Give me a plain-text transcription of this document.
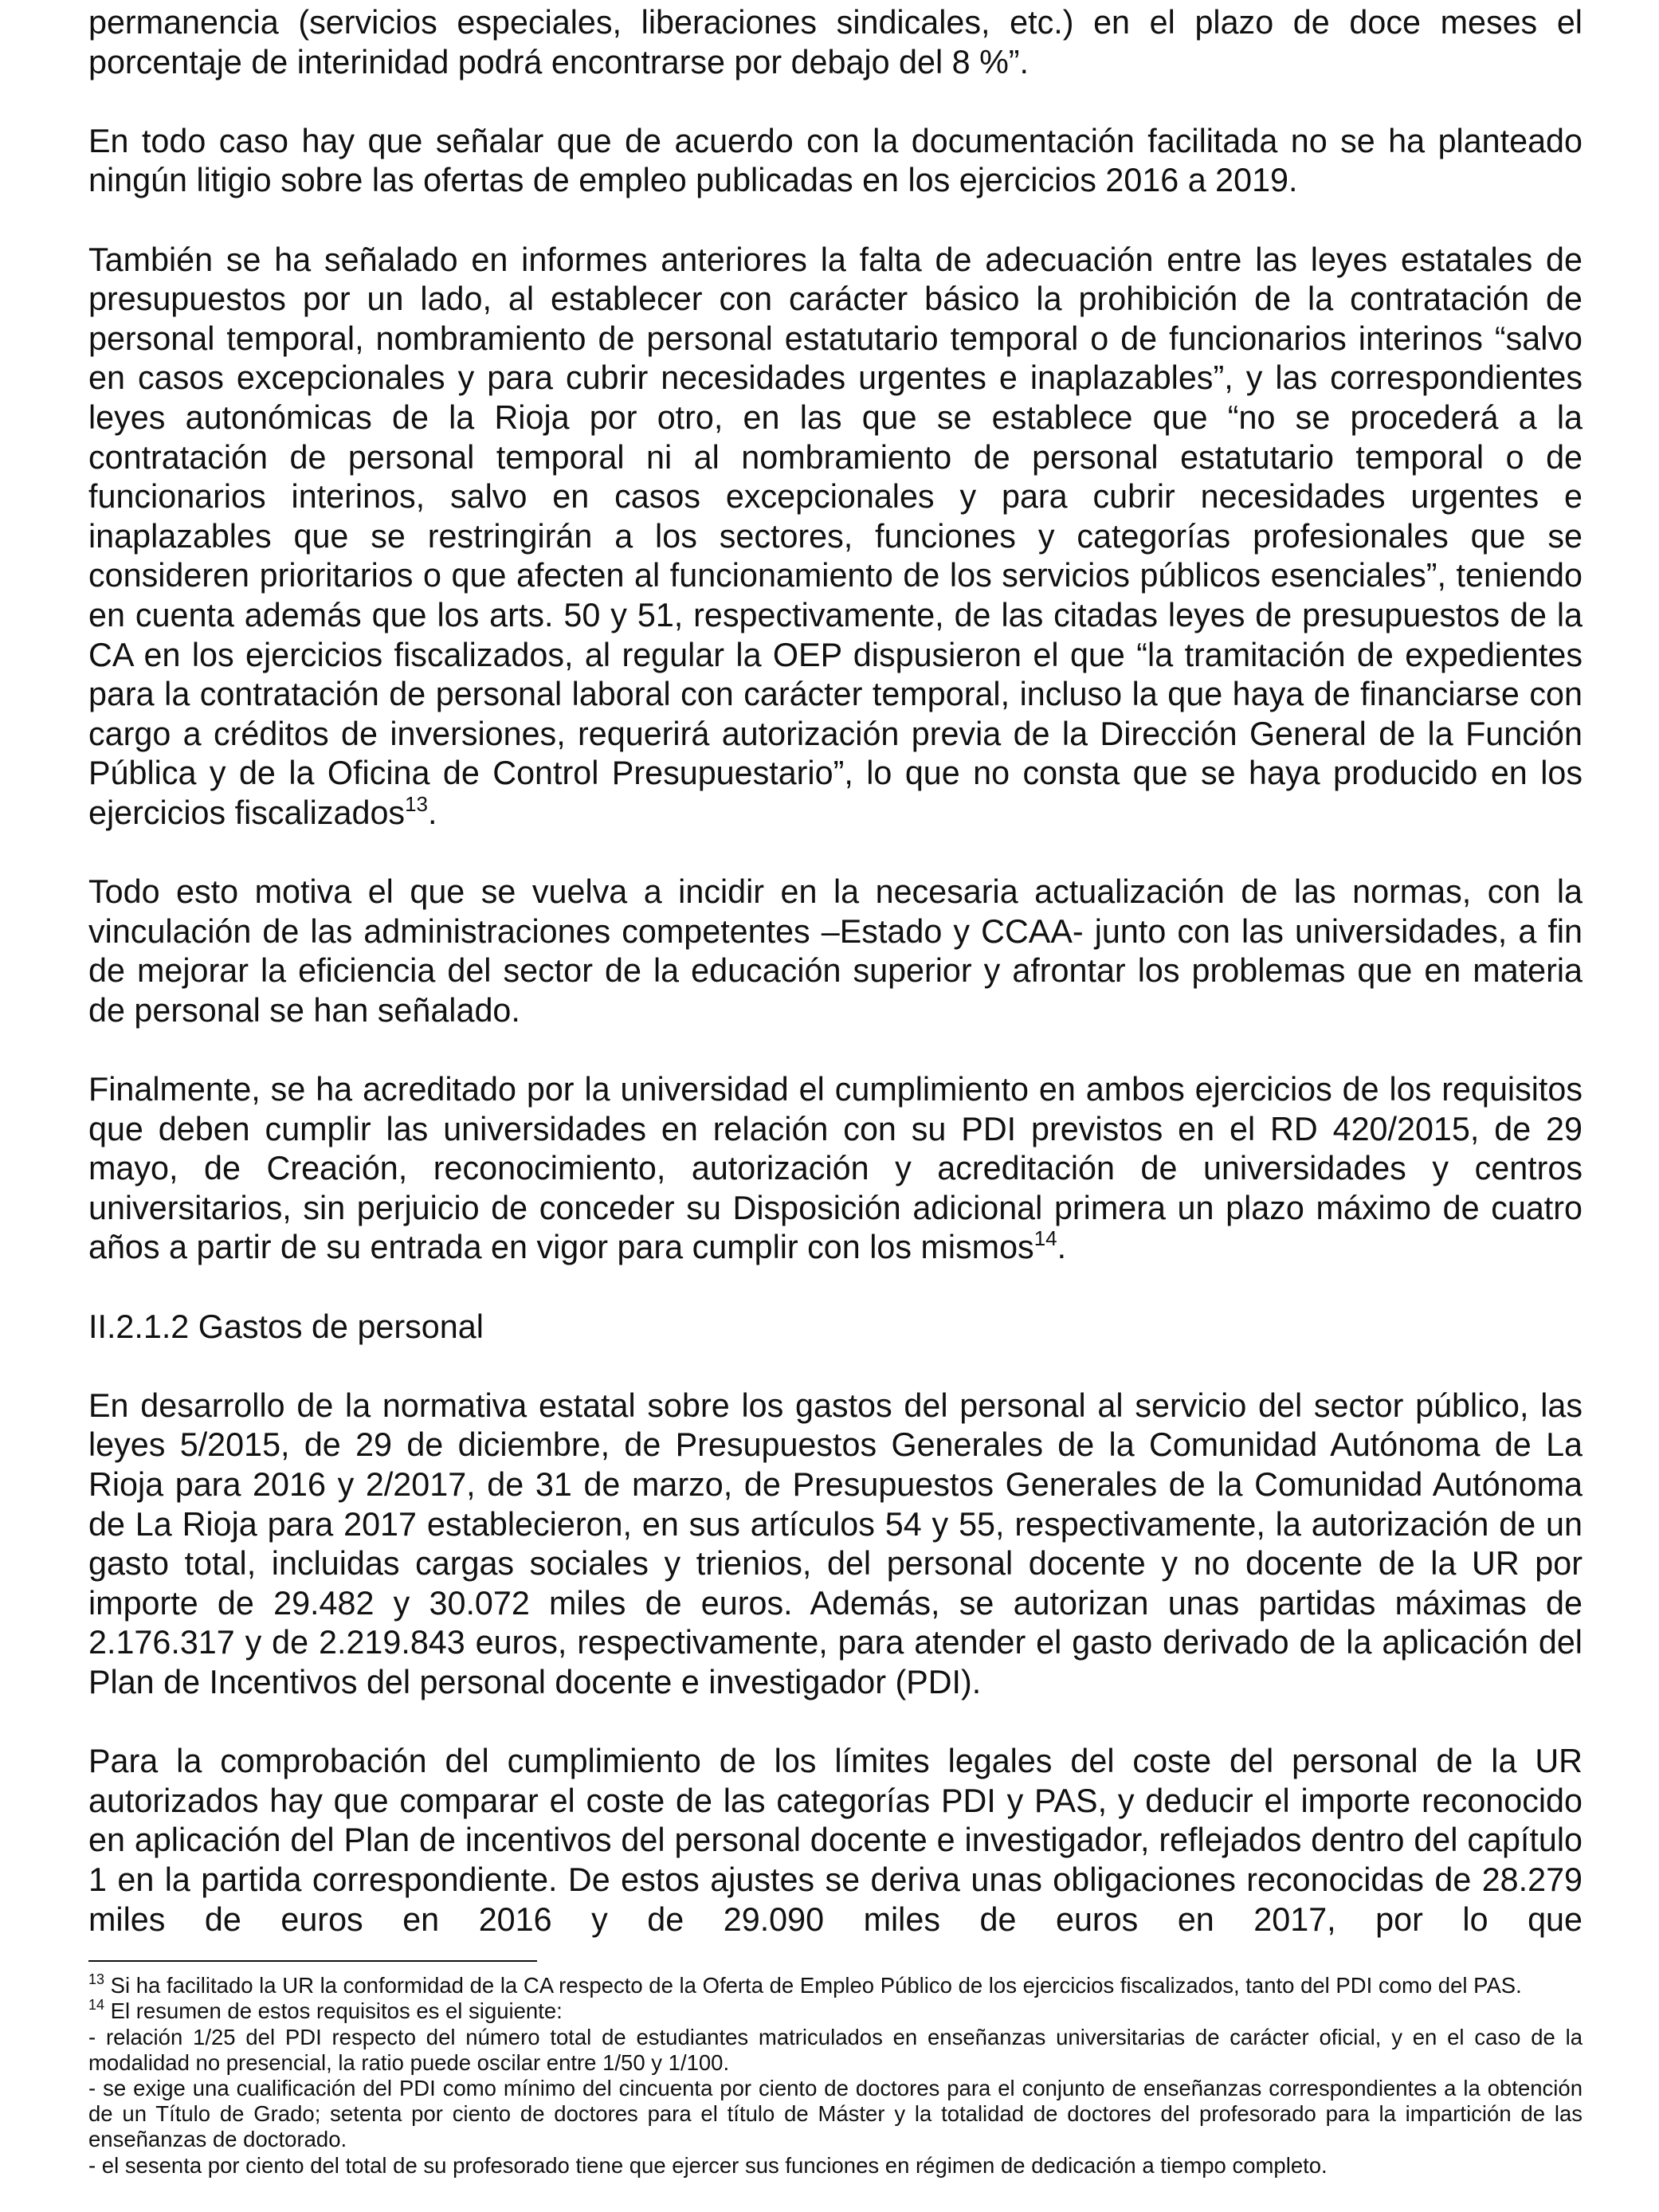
permanencia (servicios especiales, liberaciones sindicales, etc.) en el plazo de doce meses el porcentaje de interinidad podrá encontrarse por debajo del 8 %”.

En todo caso hay que señalar que de acuerdo con la documentación facilitada no se ha planteado ningún litigio sobre las ofertas de empleo publicadas en los ejercicios 2016 a 2019.

También se ha señalado en informes anteriores la falta de adecuación entre las leyes estatales de presupuestos por un lado, al establecer con carácter básico la prohibición de la contratación de personal temporal, nombramiento de personal estatutario temporal o de funcionarios interinos “salvo en casos excepcionales y para cubrir necesidades urgentes e inaplazables”, y las correspondientes leyes autonómicas de la Rioja por otro, en las que se establece que “no se procederá a la contratación de personal temporal ni al nombramiento de personal estatutario temporal o de funcionarios interinos, salvo en casos excepcionales y para cubrir necesidades urgentes e inaplazables que se restringirán a los sectores, funciones y categorías profesionales que se consideren prioritarios o que afecten al funcionamiento de los servicios públicos esenciales”, teniendo en cuenta además que los arts. 50 y 51, respectivamente, de las citadas leyes de presupuestos de la CA en los ejercicios fiscalizados, al regular la OEP dispusieron el que “la tramitación de expedientes para la contratación de personal laboral con carácter temporal, incluso la que haya de financiarse con cargo a créditos de inversiones, requerirá autorización previa de la Dirección General de la Función Pública y de la Oficina de Control Presupuestario”, lo que no consta que se haya producido en los ejercicios fiscalizados$^{13}$.

Todo esto motiva el que se vuelva a incidir en la necesaria actualización de las normas, con la vinculación de las administraciones competentes –Estado y CCAA- junto con las universidades, a fin de mejorar la eficiencia del sector de la educación superior y afrontar los problemas que en materia de personal se han señalado.

Finalmente, se ha acreditado por la universidad el cumplimiento en ambos ejercicios de los requisitos que deben cumplir las universidades en relación con su PDI previstos en el RD 420/2015, de 29 mayo, de Creación, reconocimiento, autorización y acreditación de universidades y centros universitarios, sin perjuicio de conceder su Disposición adicional primera un plazo máximo de cuatro años a partir de su entrada en vigor para cumplir con los mismos$^{14}$.

II.2.1.2 Gastos de personal

En desarrollo de la normativa estatal sobre los gastos del personal al servicio del sector público, las leyes 5/2015, de 29 de diciembre, de Presupuestos Generales de la Comunidad Autónoma de La Rioja para 2016 y 2/2017, de 31 de marzo, de Presupuestos Generales de la Comunidad Autónoma de La Rioja para 2017 establecieron, en sus artículos 54 y 55, respectivamente, la autorización de un gasto total, incluidas cargas sociales y trienios, del personal docente y no docente de la UR por importe de 29.482 y 30.072 miles de euros. Además, se autorizan unas partidas máximas de 2.176.317 y de 2.219.843 euros, respectivamente, para atender el gasto derivado de la aplicación del Plan de Incentivos del personal docente e investigador (PDI).

Para la comprobación del cumplimiento de los límites legales del coste del personal de la UR autorizados hay que comparar el coste de las categorías PDI y PAS, y deducir el importe reconocido en aplicación del Plan de incentivos del personal docente e investigador, reflejados dentro del capítulo 1 en la partida correspondiente. De estos ajustes se deriva unas obligaciones reconocidas de 28.279 miles de euros en 2016 y de 29.090 miles de euros en 2017, por lo que

$^{13}$ Si ha facilitado la UR la conformidad de la CA respecto de la Oferta de Empleo Público de los ejercicios fiscalizados, tanto del PDI como del PAS.

$^{14}$ El resumen de estos requisitos es el siguiente:

- relación 1/25 del PDI respecto del número total de estudiantes matriculados en enseñanzas universitarias de carácter oficial, y en el caso de la modalidad no presencial, la ratio puede oscilar entre 1/50 y 1/100.

- se exige una cualificación del PDI como mínimo del cincuenta por ciento de doctores para el conjunto de enseñanzas correspondientes a la obtención de un Título de Grado; setenta por ciento de doctores para el título de Máster y la totalidad de doctores del profesorado para la impartición de las enseñanzas de doctorado.

- el sesenta por ciento del total de su profesorado tiene que ejercer sus funciones en régimen de dedicación a tiempo completo.
